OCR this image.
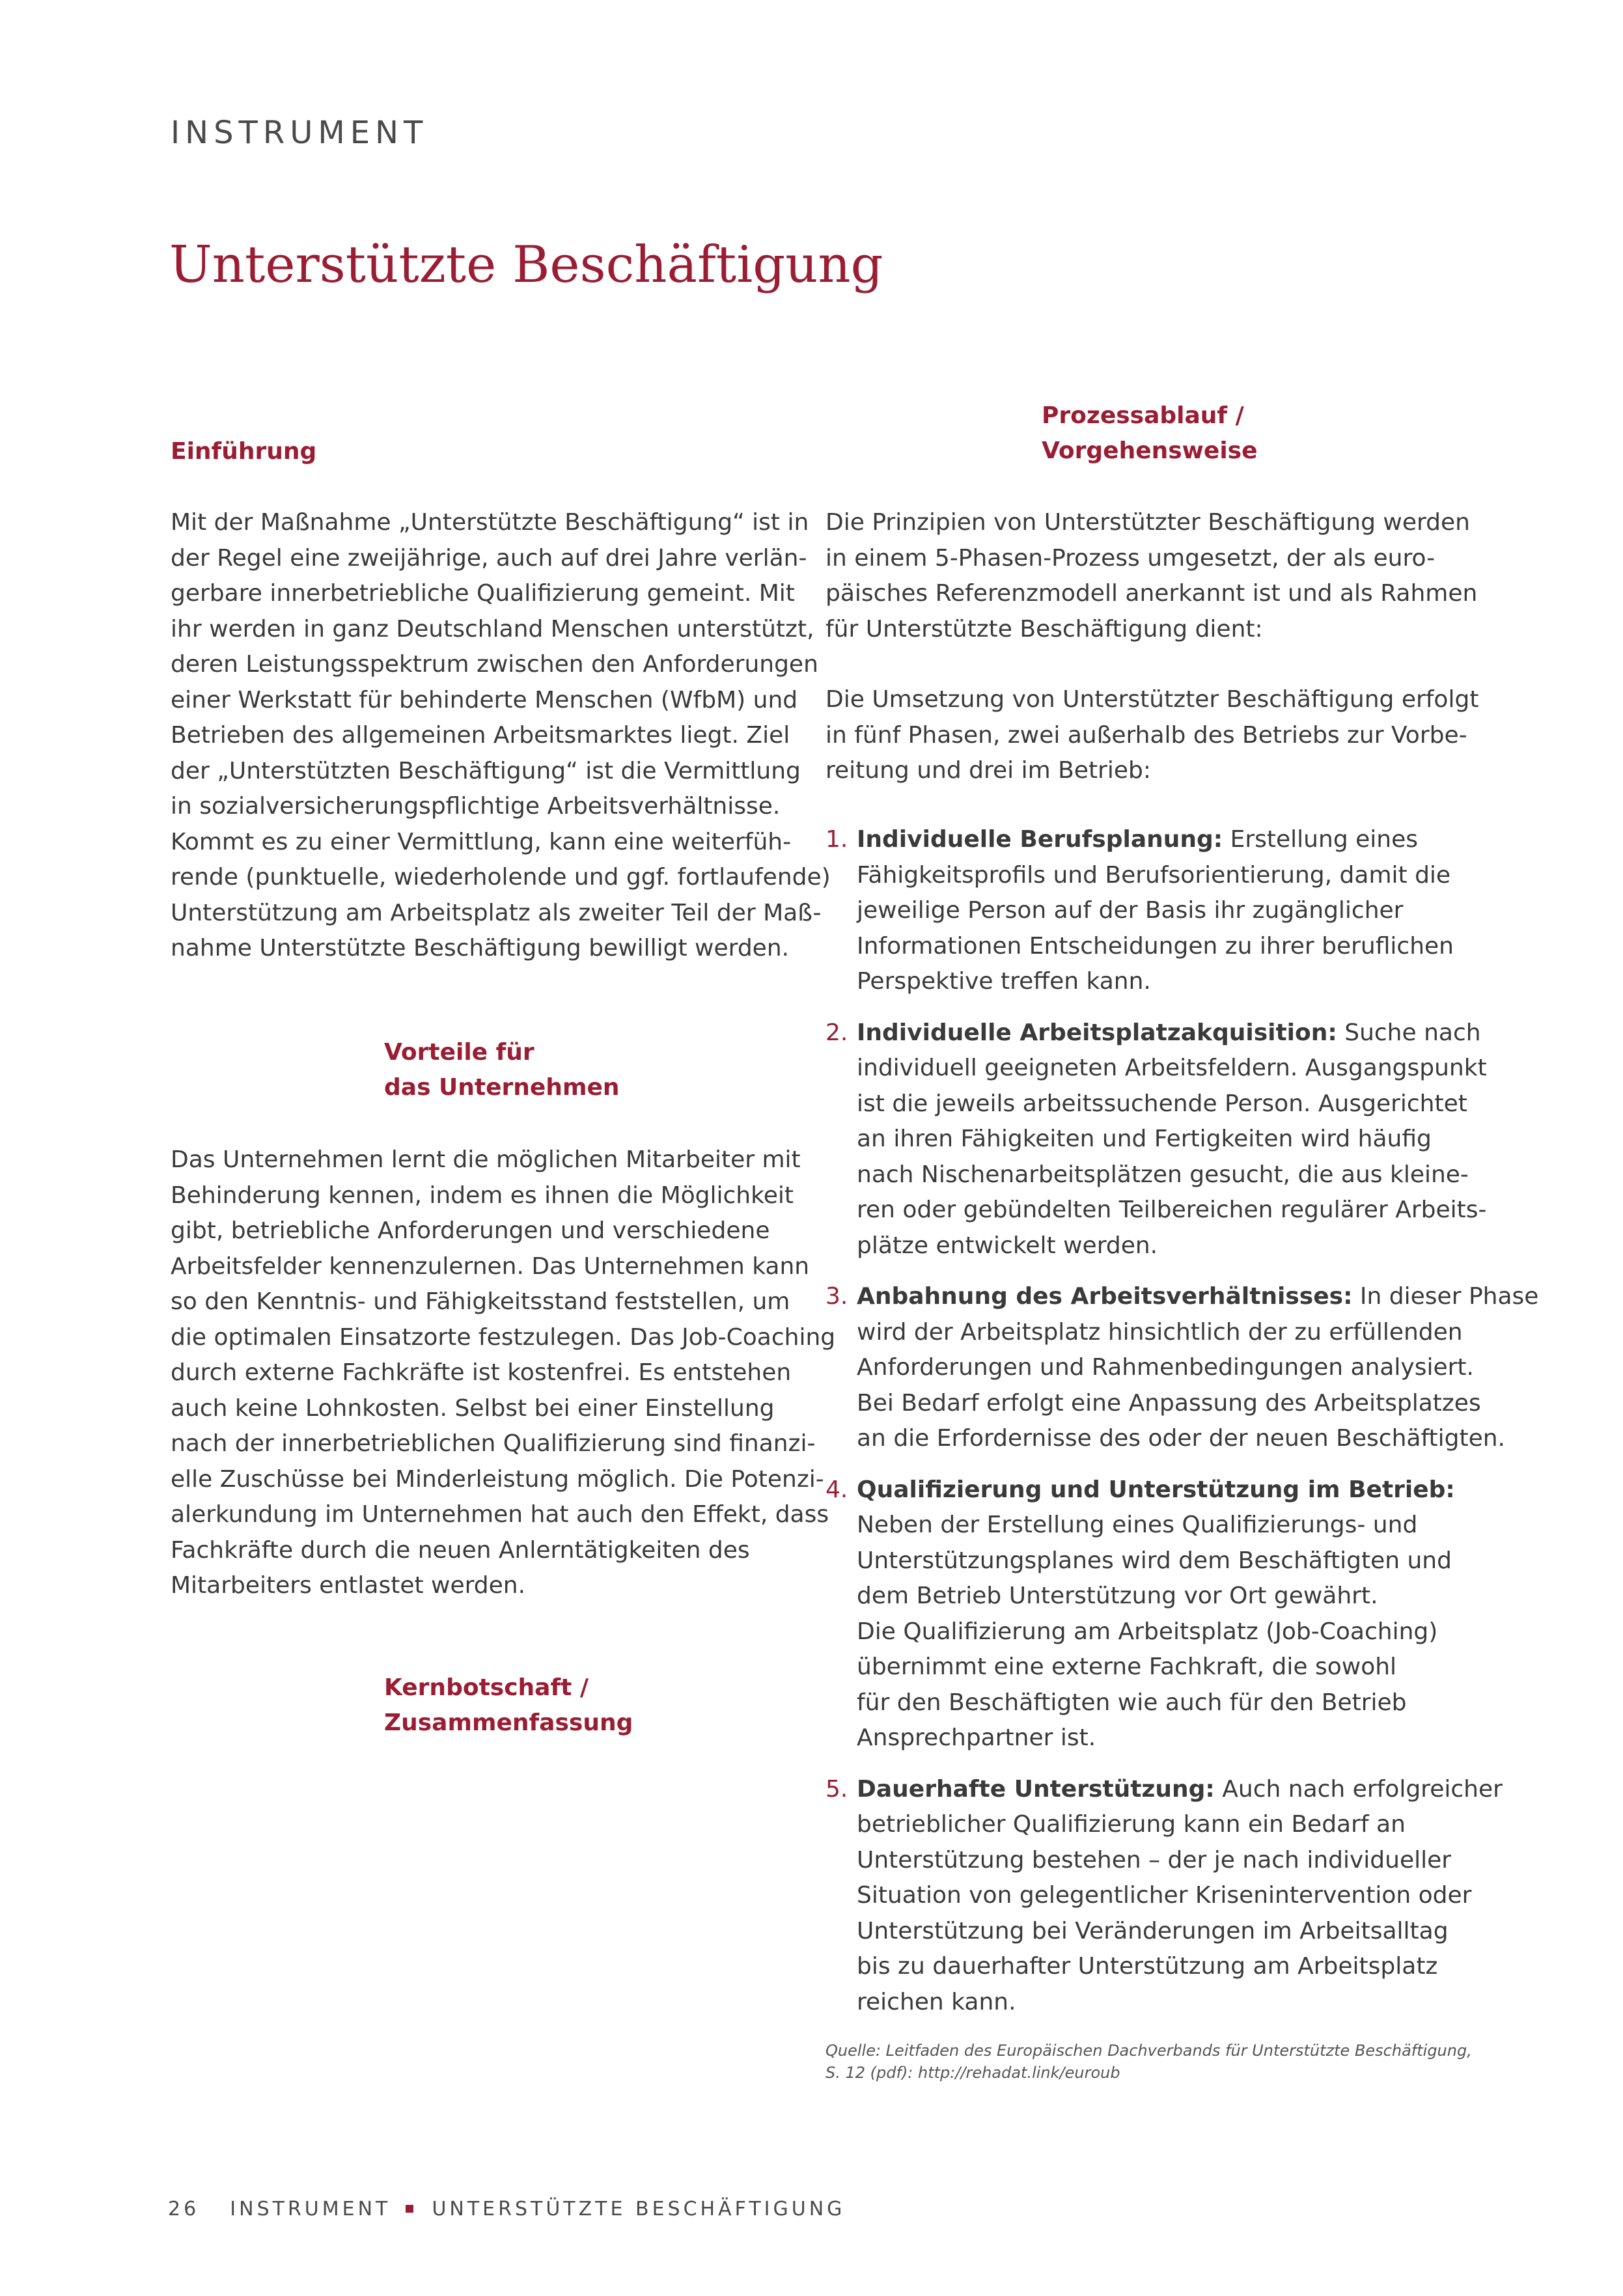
INSTRUMENT
Unterstützte Beschäftigung
Einführung
Mit der Maßnahme „Unterstützte Beschäftigung“ ist in
der Regel eine zweijährige, auch auf drei Jahre verlän-
gerbare innerbetriebliche Qualifizierung gemeint. Mit
ihr werden in ganz Deutschland Menschen unterstützt,
deren Leistungsspektrum zwischen den Anforderungen
einer Werkstatt für behinderte Menschen (WfbM) und
Betrieben des allgemeinen Arbeitsmarktes liegt. Ziel
der „Unterstützten Beschäftigung“ ist die Vermittlung
in sozialversicherungspflichtige Arbeitsverhältnisse.
Kommt es zu einer Vermittlung, kann eine weiterfüh-
rende (punktuelle, wiederholende und ggf. fortlaufende)
Unterstützung am Arbeitsplatz als zweiter Teil der Maß-
nahme Unterstützte Beschäftigung bewilligt werden.
Vorteile für
das Unternehmen
Das Unternehmen lernt die möglichen Mitarbeiter mit
Behinderung kennen, indem es ihnen die Möglichkeit
gibt, betriebliche Anforderungen und verschiedene
Arbeitsfelder kennenzulernen. Das Unternehmen kann
so den Kenntnis- und Fähigkeitsstand feststellen, um
die optimalen Einsatzorte festzulegen. Das Job-Coaching
durch externe Fachkräfte ist kostenfrei. Es entstehen
auch keine Lohnkosten. Selbst bei einer Einstellung
nach der innerbetrieblichen Qualifizierung sind finanzi-
elle Zuschüsse bei Minderleistung möglich. Die Potenzi-
alerkundung im Unternehmen hat auch den Effekt, dass
Fachkräfte durch die neuen Anlerntätigkeiten des
Mitarbeiters entlastet werden.
Kernbotschaft /
Zusammenfassung
Prozessablauf /
Vorgehensweise
Die Prinzipien von Unterstützter Beschäftigung werden
in einem 5-Phasen-Prozess umgesetzt, der als euro-
päisches Referenzmodell anerkannt ist und als Rahmen
für Unterstützte Beschäftigung dient:
Die Umsetzung von Unterstützter Beschäftigung erfolgt
in fünf Phasen, zwei außerhalb des Betriebs zur Vorbe-
reitung und drei im Betrieb:
1. Individuelle Berufsplanung: Erstellung eines
Fähigkeitsprofils und Berufsorientierung, damit die
jeweilige Person auf der Basis ihr zugänglicher
Informationen Entscheidungen zu ihrer beruflichen
Perspektive treffen kann.
2. Individuelle Arbeitsplatzakquisition: Suche nach
individuell geeigneten Arbeitsfeldern. Ausgangspunkt
ist die jeweils arbeitssuchende Person. Ausgerichtet
an ihren Fähigkeiten und Fertigkeiten wird häufig
nach Nischenarbeitsplätzen gesucht, die aus kleine-
ren oder gebündelten Teilbereichen regulärer Arbeits-
plätze entwickelt werden.
3. Anbahnung des Arbeitsverhältnisses: In dieser Phase
wird der Arbeitsplatz hinsichtlich der zu erfüllenden
Anforderungen und Rahmenbedingungen analysiert.
Bei Bedarf erfolgt eine Anpassung des Arbeitsplatzes
an die Erfordernisse des oder der neuen Beschäftigten.
4. Qualifizierung und Unterstützung im Betrieb:
Neben der Erstellung eines Qualifizierungs- und
Unterstützungsplanes wird dem Beschäftigten und
dem Betrieb Unterstützung vor Ort gewährt.
Die Qualifizierung am Arbeitsplatz (Job-Coaching)
übernimmt eine externe Fachkraft, die sowohl
für den Beschäftigten wie auch für den Betrieb
Ansprechpartner ist.
5. Dauerhafte Unterstützung: Auch nach erfolgreicher
betrieblicher Qualifizierung kann ein Bedarf an
Unterstützung bestehen – der je nach individueller
Situation von gelegentlicher Krisenintervention oder
Unterstützung bei Veränderungen im Arbeitsalltag
bis zu dauerhafter Unterstützung am Arbeitsplatz
reichen kann.
Quelle: Leitfaden des Europäischen Dachverbands für Unterstützte Beschäftigung,
S. 12 (pdf): http://rehadat.link/euroub
26 INSTRUMENT UNTERSTÜTZTE BESCHÄFTIGUNG
